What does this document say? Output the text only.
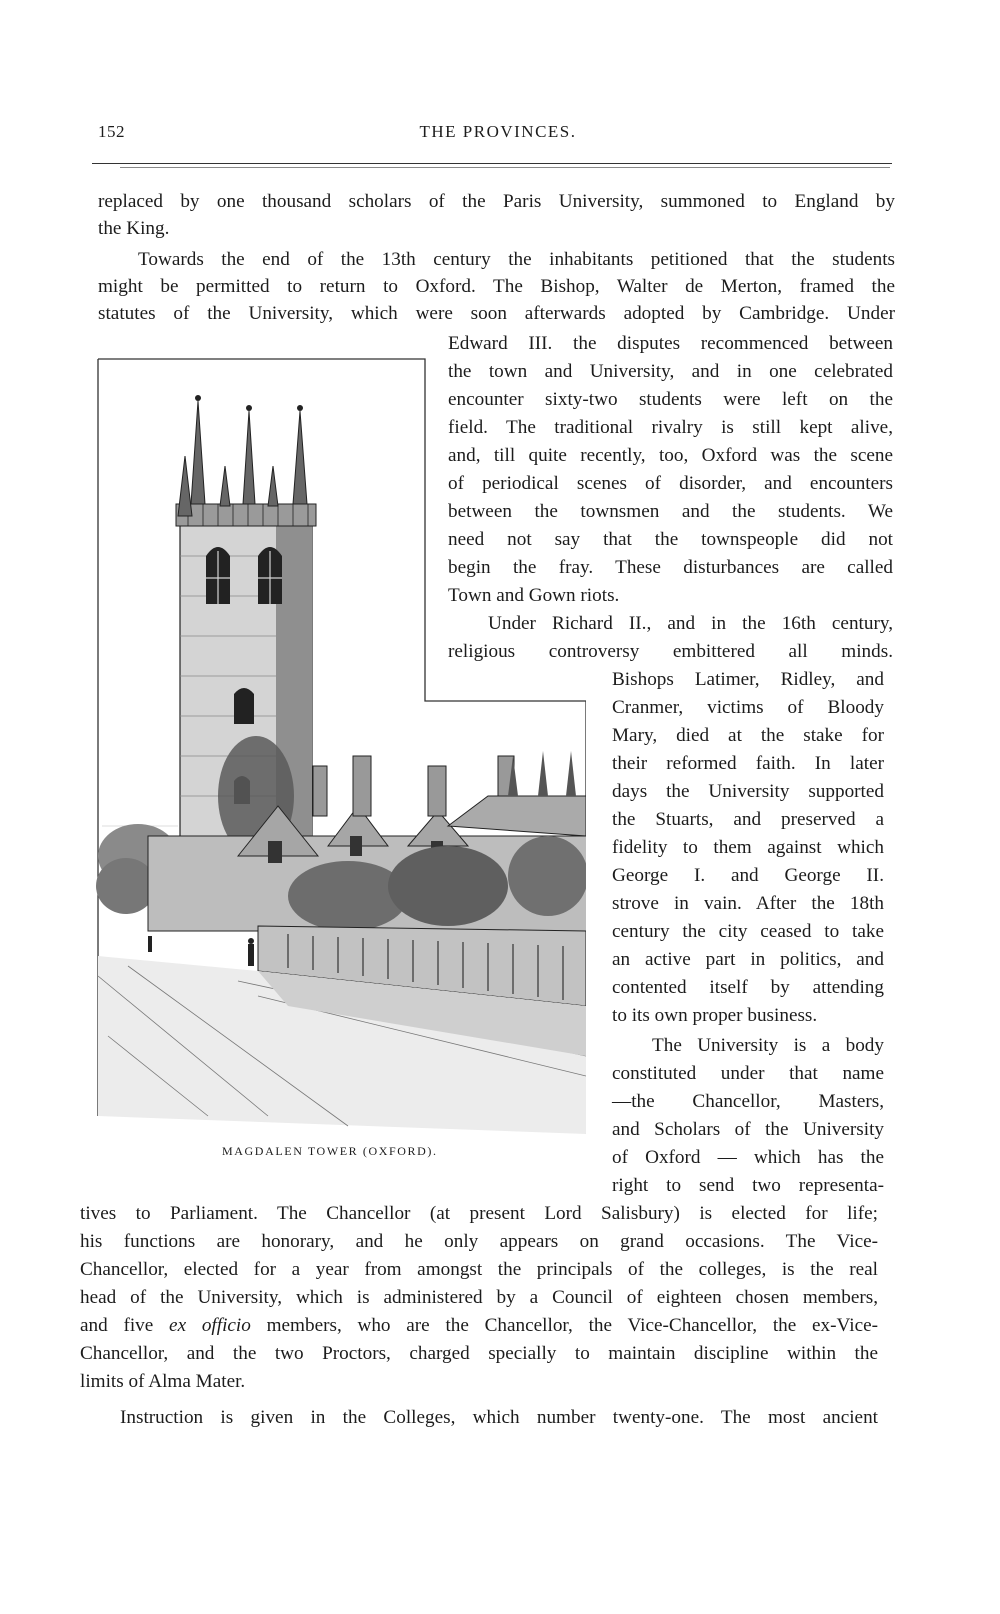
152	THE PROVINCES.
replaced by one thousand scholars of the Paris University, summoned to England by
the King.
Towards the end of the 13th century the inhabitants petitioned that the students
might be permitted to return to Oxford. The Bishop, Walter de Merton, framed the
statutes of the University, which were soon afterwards adopted by Cambridge. Under
Edward III. the disputes recommenced between
the town and University, and in one celebrated
encounter sixty-two students were left on the
field. The traditional rivalry is still kept alive,
and, till quite recently, too, Oxford was the scene
of periodical scenes of disorder, and encounters
between the townsmen and the students. We
need not say that the townspeople did not
begin the fray. These disturbances are called
Town and Gown riots.
Under Richard II., and in the 16th century,
religious controversy embittered all minds.
Bishops Latimer, Ridley, and
Cranmer, victims of Bloody
Mary, died at the stake for
their reformed faith. In later
days the University supported
the Stuarts, and preserved a
fidelity to them against which
George I. and George II.
strove in vain. After the 18th
century the city ceased to take
an active part in politics, and
contented itself by attending
to its own proper business.
The University is a body
constituted under that name
—the Chancellor, Masters,
and Scholars of the University
of Oxford — which has the
right to send two representa-
tives to Parliament. The Chancellor (at present Lord Salisbury) is elected for life;
his functions are honorary, and he only appears on grand occasions. The Vice-
Chancellor, elected for a year from amongst the principals of the colleges, is the real
head of the University, which is administered by a Council of eighteen chosen members,
and five ex officio members, who are the Chancellor, the Vice-Chancellor, the ex-Vice-
Chancellor, and the two Proctors, charged specially to maintain discipline within the
limits of Alma Mater.
Instruction is given in the Colleges, which number twenty-one. The most ancient
MAGDALEN TOWER (OXFORD).
